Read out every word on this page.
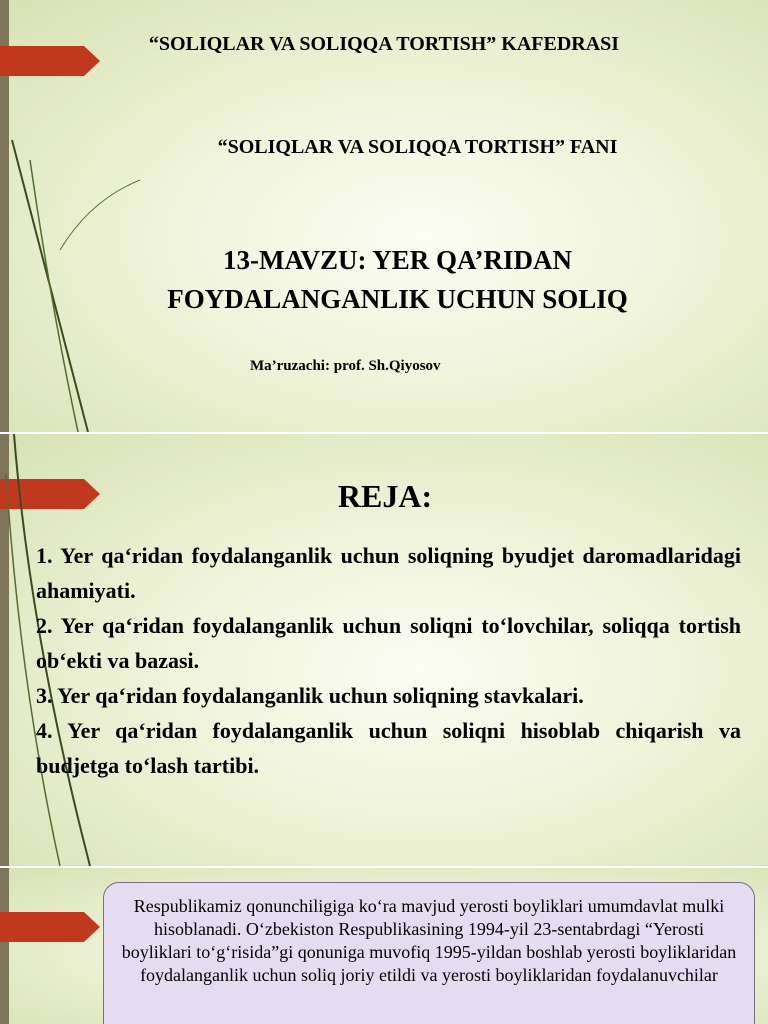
“SOLIQLAR VA SOLIQQA TORTISH” KAFEDRASI
“SOLIQLAR VA SOLIQQA TORTISH” FANI
13-MAVZU: YER QA’RIDAN
FOYDALANGANLIK UCHUN SOLIQ
Ma’ruzachi: prof. Sh.Qiyosov
REJA:

1. Yer qa‘ridan foydalanganlik uchun soliqning byudjet daromadlaridagi ahamiyati.

2. Yer qa‘ridan foydalanganlik uchun soliqni to‘lovchilar, soliqqa tortish ob‘ekti va bazasi.

3. Yer qa‘ridan foydalanganlik uchun soliqning stavkalari.

4. Yer qa‘ridan foydalanganlik uchun soliqni hisoblab chiqarish va budjetga to‘lash tartibi.

Respublikamiz qonunchiligiga ko‘ra mavjud yerosti boyliklari umumdavlat mulki hisoblanadi. O‘zbekiston Respublikasining 1994-yil 23-sentabrdagi “Yerosti boyliklari to‘g‘risida”gi qonuniga muvofiq 1995-yildan boshlab yerosti boyliklaridan foydalanganlik uchun soliq joriy etildi va yerosti boyliklaridan foydalanuvchilar
